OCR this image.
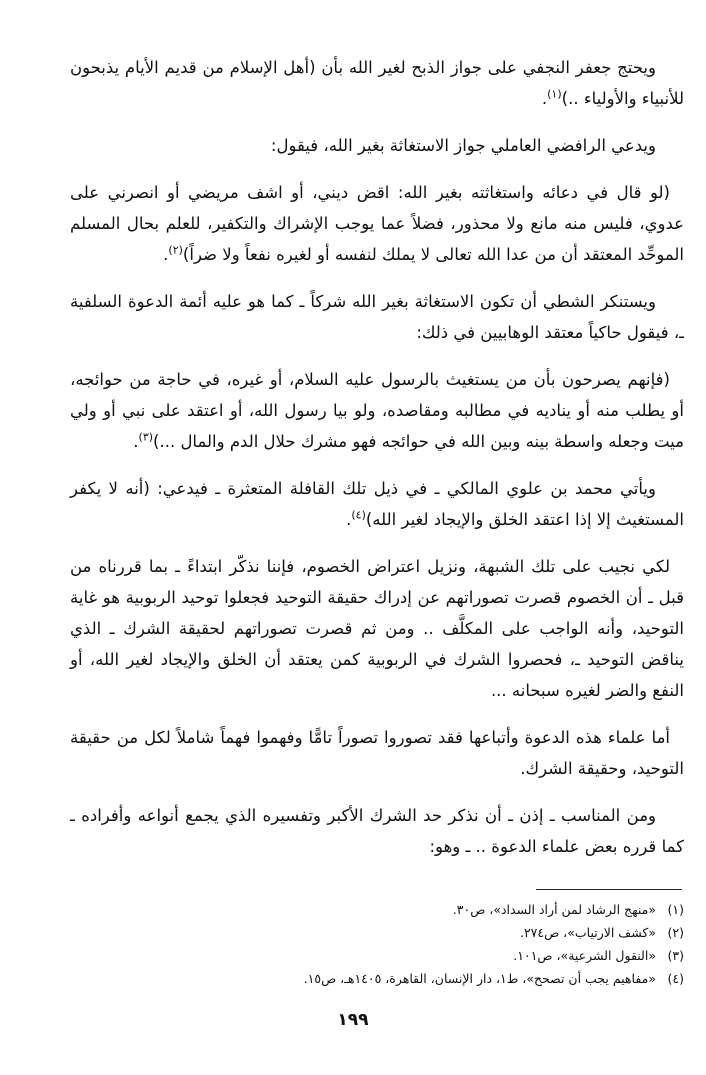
ويحتج جعفر النجفي على جواز الذبح لغير الله بأن (أهل الإسلام من قديم الأيام يذبحون للأنبياء والأولياء ..)$^{(١)}$.

ويدعي الرافضي العاملي جواز الاستغاثة بغير الله، فيقول:

(لو قال في دعائه واستغاثته بغير الله: اقض ديني، أو اشف مريضي أو انصرني على عدوي، فليس منه مانع ولا محذور، فضلاً عما يوجب الإشراك والتكفير، للعلم بحال المسلم الموحِّد المعتقد أن من عدا الله تعالى لا يملك لنفسه أو لغيره نفعاً ولا ضراً)$^{(٢)}$.

ويستنكر الشطي أن تكون الاستغاثة بغير الله شركاً ـ كما هو عليه أئمة الدعوة السلفية ـ، فيقول حاكياً معتقد الوهابيين في ذلك:

(فإنهم يصرحون بأن من يستغيث بالرسول عليه السلام، أو غيره، في حاجة من حوائجه، أو يطلب منه أو يناديه في مطالبه ومقاصده، ولو بيا رسول الله، أو اعتقد على نبي أو ولي ميت وجعله واسطة بينه وبين الله في حوائجه فهو مشرك حلال الدم والمال ...)$^{(٣)}$.

ويأتي محمد بن علوي المالكي ـ في ذيل تلك القافلة المتعثرة ـ فيدعي: (أنه لا يكفر المستغيث إلا إذا اعتقد الخلق والإيجاد لغير الله)$^{(٤)}$.

لكي نجيب على تلك الشبهة، ونزيل اعتراض الخصوم، فإننا نذكّر ابتداءً ـ بما قررناه من قبل ـ أن الخصوم قصرت تصوراتهم عن إدراك حقيقة التوحيد فجعلوا توحيد الربوبية هو غاية التوحيد، وأنه الواجب على المكلَّف .. ومن ثم قصرت تصوراتهم لحقيقة الشرك ـ الذي يناقض التوحيد ـ، فحصروا الشرك في الربوبية كمن يعتقد أن الخلق والإيجاد لغير الله، أو النفع والضر لغيره سبحانه ...

أما علماء هذه الدعوة وأتباعها فقد تصوروا تصوراً تامًّا وفهموا فهماً شاملاً لكل من حقيقة التوحيد، وحقيقة الشرك.

ومن المناسب ـ إذن ـ أن نذكر حد الشرك الأكبر وتفسيره الذي يجمع أنواعه وأفراده ـ كما قرره بعض علماء الدعوة .. ـ وهو:

(١)«منهج الرشاد لمن أراد السداد»، ص٣٠.
(٢)«كشف الارتياب»، ص٢٧٤.
(٣)«النقول الشرعية»، ص١٠١.
(٤)«مفاهيم يجب أن تصحح»، ط١، دار الإنسان، القاهرة، ١٤٠٥هـ، ص١٥.
١٩٩
